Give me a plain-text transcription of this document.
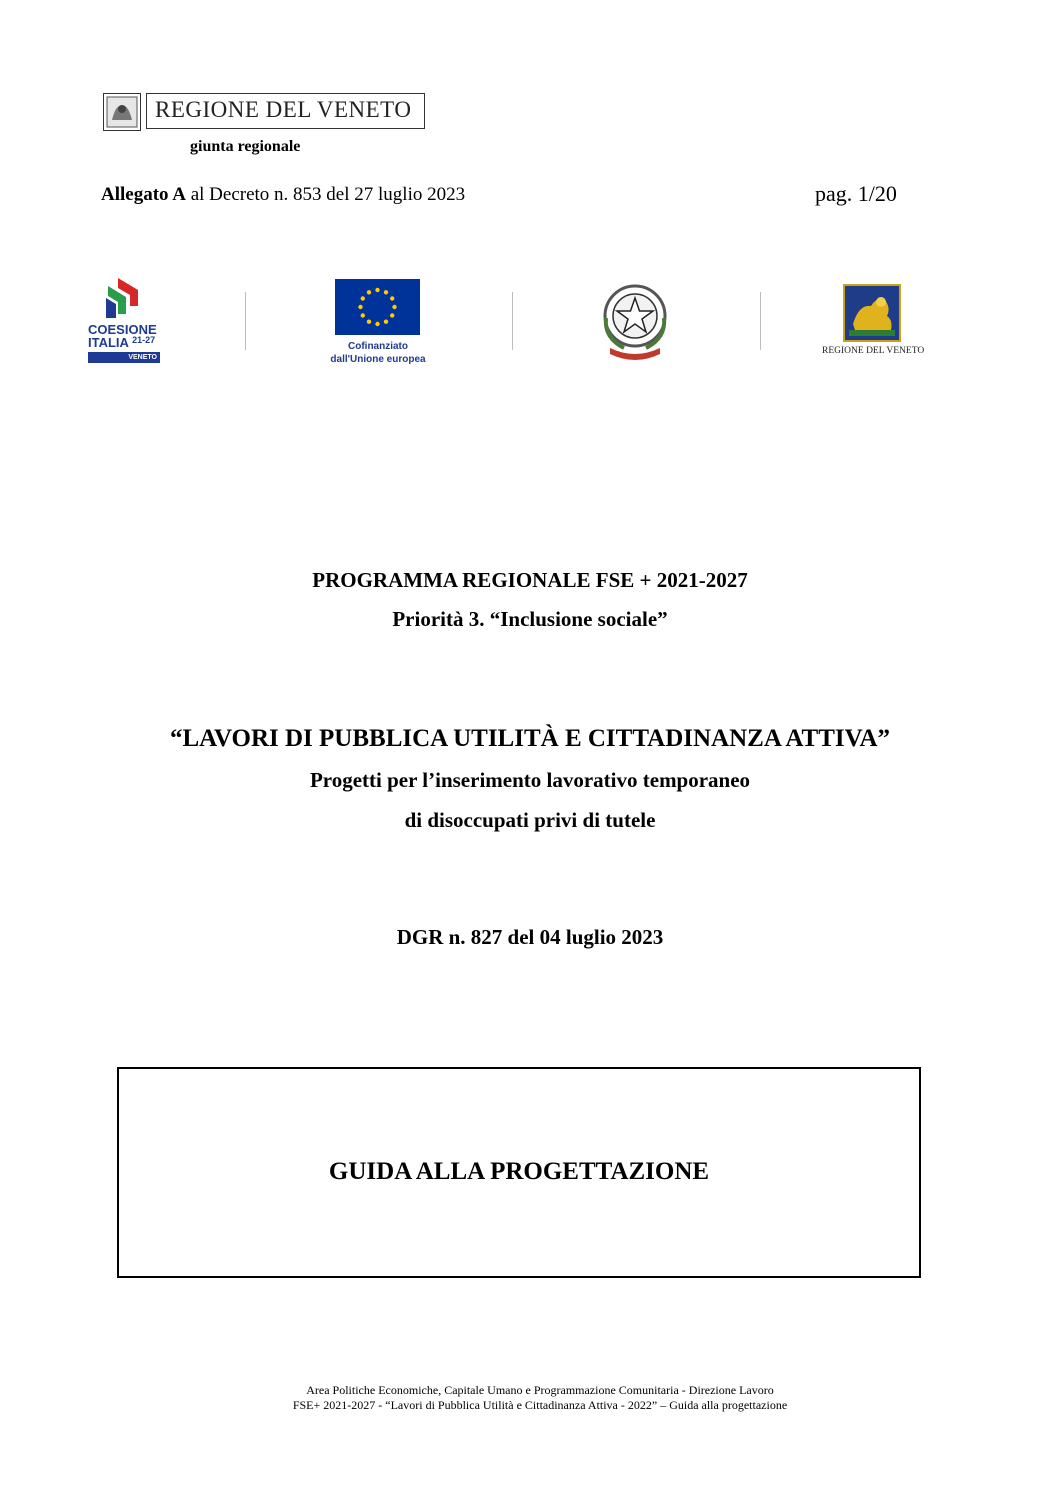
REGIONE DEL VENETO
giunta regionale
Allegato A al Decreto n. 853 del 27 luglio 2023	pag. 1/20
COESIONE
ITALIA $^{21-27}$
VENETO
Cofinanziato
dall'Unione europea
REGIONE DEL VENETO
PROGRAMMA REGIONALE FSE + 2021-2027
Priorità 3. “Inclusione sociale”
“LAVORI DI PUBBLICA UTILITÀ E CITTADINANZA ATTIVA”
Progetti per l’inserimento lavorativo temporaneo
di disoccupati privi di tutele
DGR n. 827 del 04 luglio 2023
GUIDA ALLA PROGETTAZIONE
Area Politiche Economiche, Capitale Umano e Programmazione Comunitaria - Direzione Lavoro
FSE+ 2021-2027 - “Lavori di Pubblica Utilità e Cittadinanza Attiva - 2022” – Guida alla progettazione
